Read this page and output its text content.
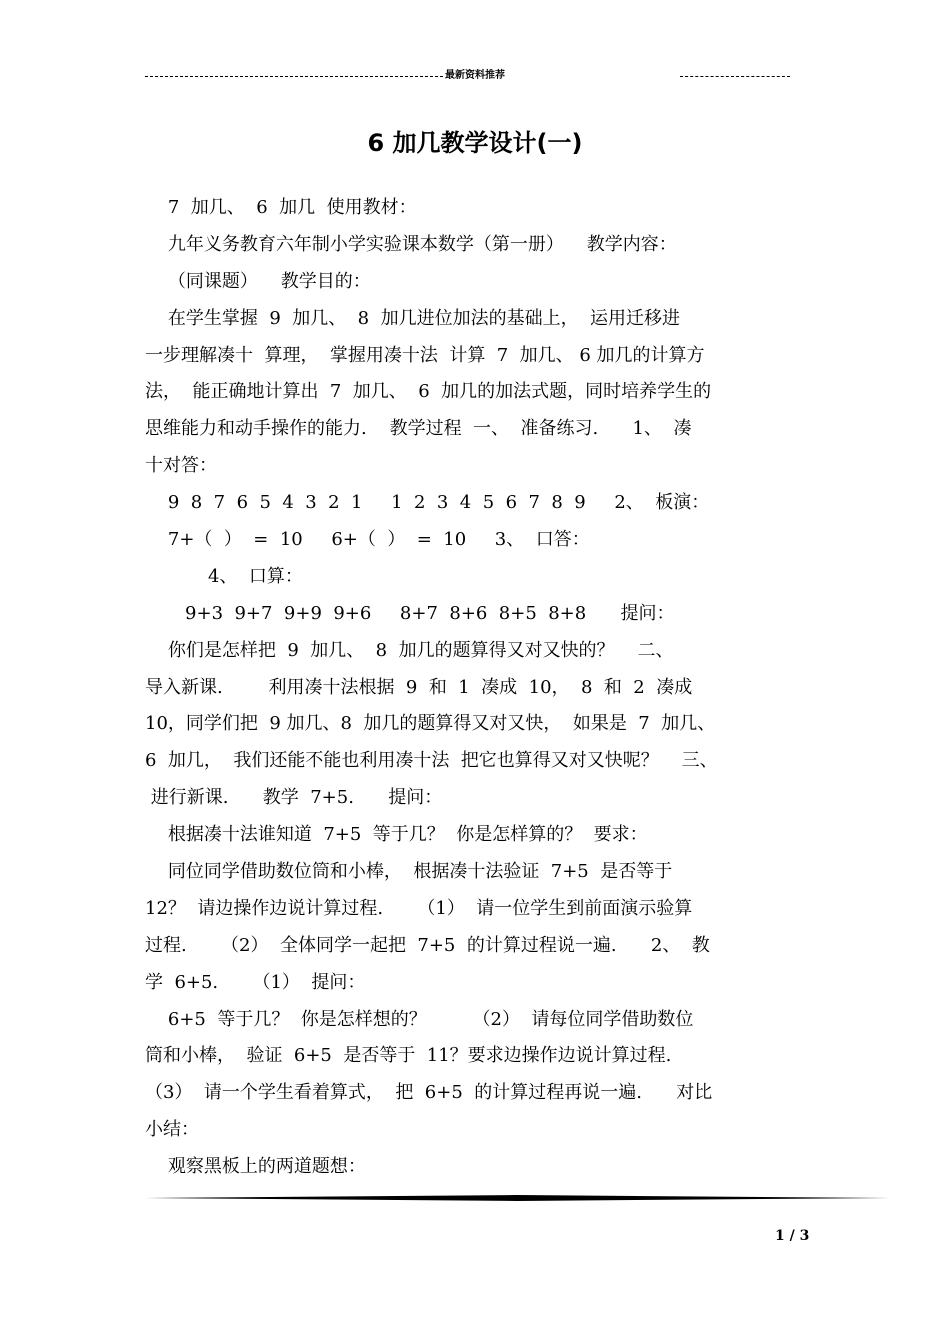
最新资料推荐
6 加几教学设计(一)
7  加几、  6  加几  使用教材：
九年义务教育六年制小学实验课本数学（第一册）    教学内容：
（同课题）    教学目的：
在学生掌握  9  加几、  8  加几进位加法的基础上，  运用迁移进
一步理解凑十  算理，  掌握用凑十法  计算  7  加几、 6 加几的计算方
法，  能正确地计算出  7  加几、  6  加几的加法式题，同时培养学生的
思维能力和动手操作的能力.    教学过程  一、  准备练习.      1、  凑
十对答：
9  8  7  6  5  4  3  2  1     1  2  3  4  5  6  7  8  9     2、  板演：
7+（  ）  =  10     6+（  ）  =  10     3、  口答：
4、  口算：
9+3  9+7  9+9  9+6     8+7  8+6  8+5  8+8      提问：
你们是怎样把  9  加几、  8  加几的题算得又对又快的？    二、
导入新课.        利用凑十法根据  9  和  1  凑成  10，  8  和  2  凑成
10，同学们把  9 加几、8  加几的题算得又对又快，  如果是  7  加几、
6  加几，  我们还能不能也利用凑十法  把它也算得又对又快呢？    三、
进行新课.      教学  7+5.      提问：
根据凑十法谁知道  7+5  等于几？  你是怎样算的？  要求：
同位同学借助数位筒和小棒，  根据凑十法验证  7+5  是否等于
12？  请边操作边说计算过程.      （1）  请一位学生到前面演示验算
过程.      （2）  全体同学一起把  7+5  的计算过程说一遍.      2、  教
学  6+5.      （1）  提问：
6+5  等于几？  你是怎样想的？        （2）  请每位同学借助数位
筒和小棒，  验证  6+5  是否等于  11？要求边操作边说计算过程.
（3）  请一个学生看着算式，  把  6+5  的计算过程再说一遍.      对比
小结：
观察黑板上的两道题想：
1 / 3
